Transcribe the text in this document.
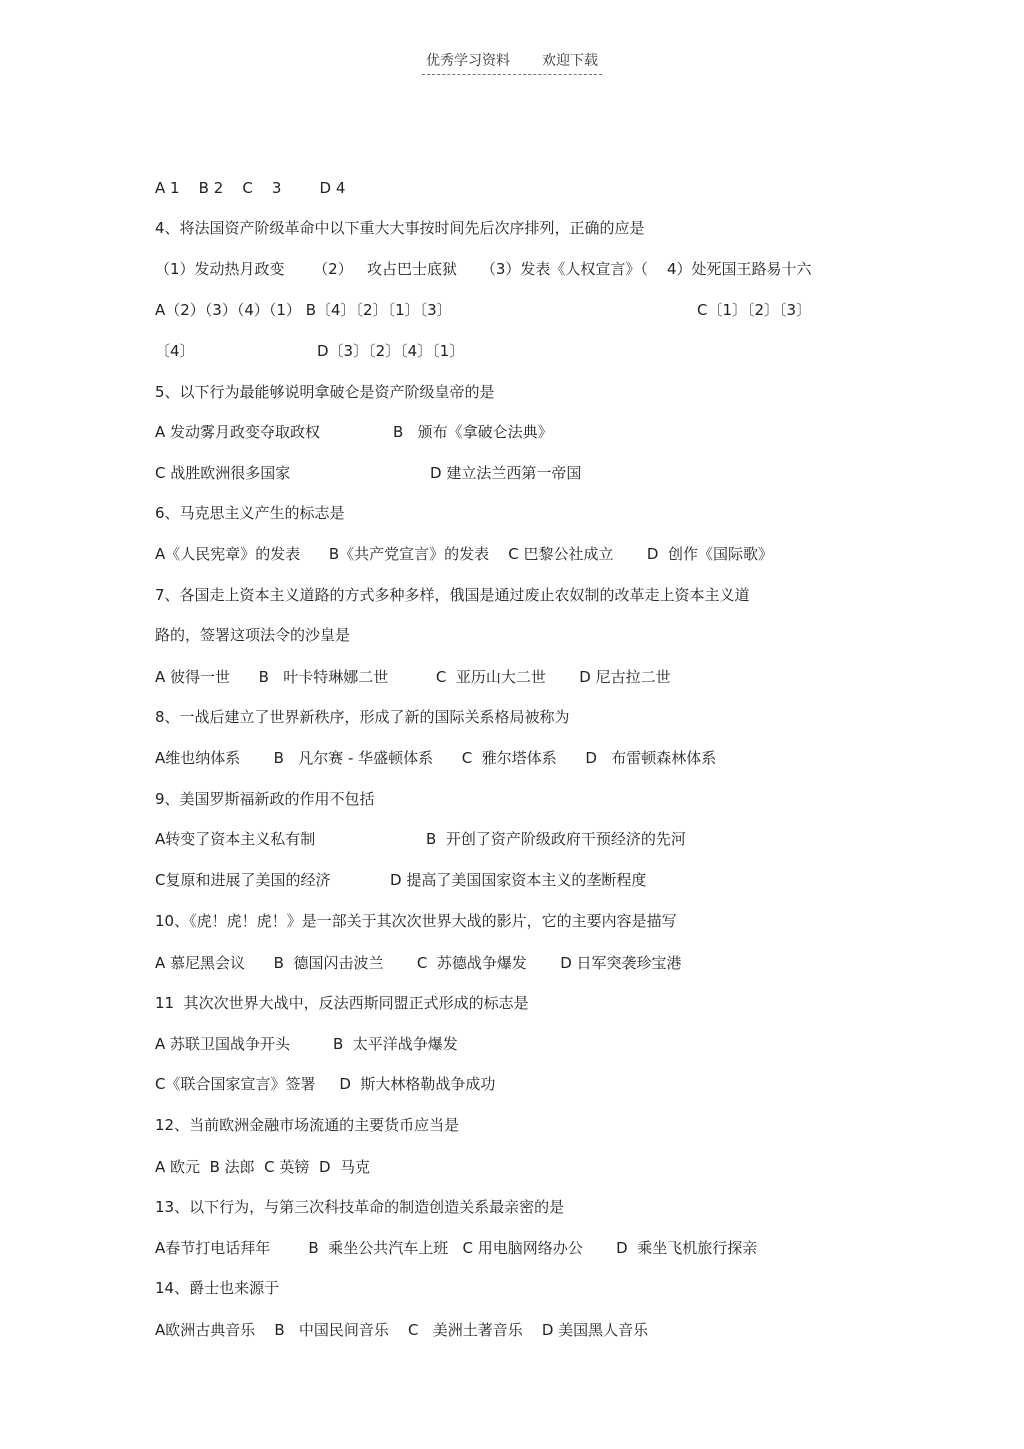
优秀学习资料 欢迎下载
A 1    B 2    C    3        D 4
4、将法国资产阶级革命中以下重大大事按时间先后次序排列，正确的应是
（1）发动热月政变      （2）   攻占巴士底狱     （3）发表《人权宣言》（    4）处死国王路易十六
A（2）（3）（4）（1） B〔4〕〔2〕〔1〕〔3〕	C〔1〕〔2〕〔3〕
〔4〕	D〔3〕〔2〕〔4〕〔1〕
5、以下行为最能够说明拿破仑是资产阶级皇帝的是
A 发动雾月政变夺取政权	B   颁布《拿破仑法典》
C 战胜欧洲很多国家	D 建立法兰西第一帝国
6、马克思主义产生的标志是
A《人民宪章》的发表      B《共产党宣言》的发表    C 巴黎公社成立       D  创作《国际歌》
7、各国走上资本主义道路的方式多种多样，俄国是通过废止农奴制的改革走上资本主义道
路的，签署这项法令的沙皇是
A 彼得一世      B   叶卡特琳娜二世          C  亚历山大二世       D 尼古拉二世
8、一战后建立了世界新秩序，形成了新的国际关系格局被称为
A维也纳体系       B   凡尔赛 - 华盛顿体系      C  雅尔塔体系      D   布雷顿森林体系
9、美国罗斯福新政的作用不包括
A转变了资本主义私有制	B  开创了资产阶级政府干预经济的先河
C复原和进展了美国的经济	D 提高了美国国家资本主义的垄断程度
10、《虎！虎！虎！》是一部关于其次次世界大战的影片，它的主要内容是描写
A 慕尼黑会议      B  德国闪击波兰       C  苏德战争爆发       D 日军突袭珍宝港
11  其次次世界大战中，反法西斯同盟正式形成的标志是
A 苏联卫国战争开头         B  太平洋战争爆发
C《联合国家宣言》签署     D  斯大林格勒战争成功
12、当前欧洲金融市场流通的主要货币应当是
A 欧元  B 法郎  C 英镑  D  马克
13、以下行为，与第三次科技革命的制造创造关系最亲密的是
A春节打电话拜年        B  乘坐公共汽车上班   C 用电脑网络办公       D  乘坐飞机旅行探亲
14、爵士也来源于
A欧洲古典音乐    B   中国民间音乐    C   美洲土著音乐    D 美国黑人音乐
